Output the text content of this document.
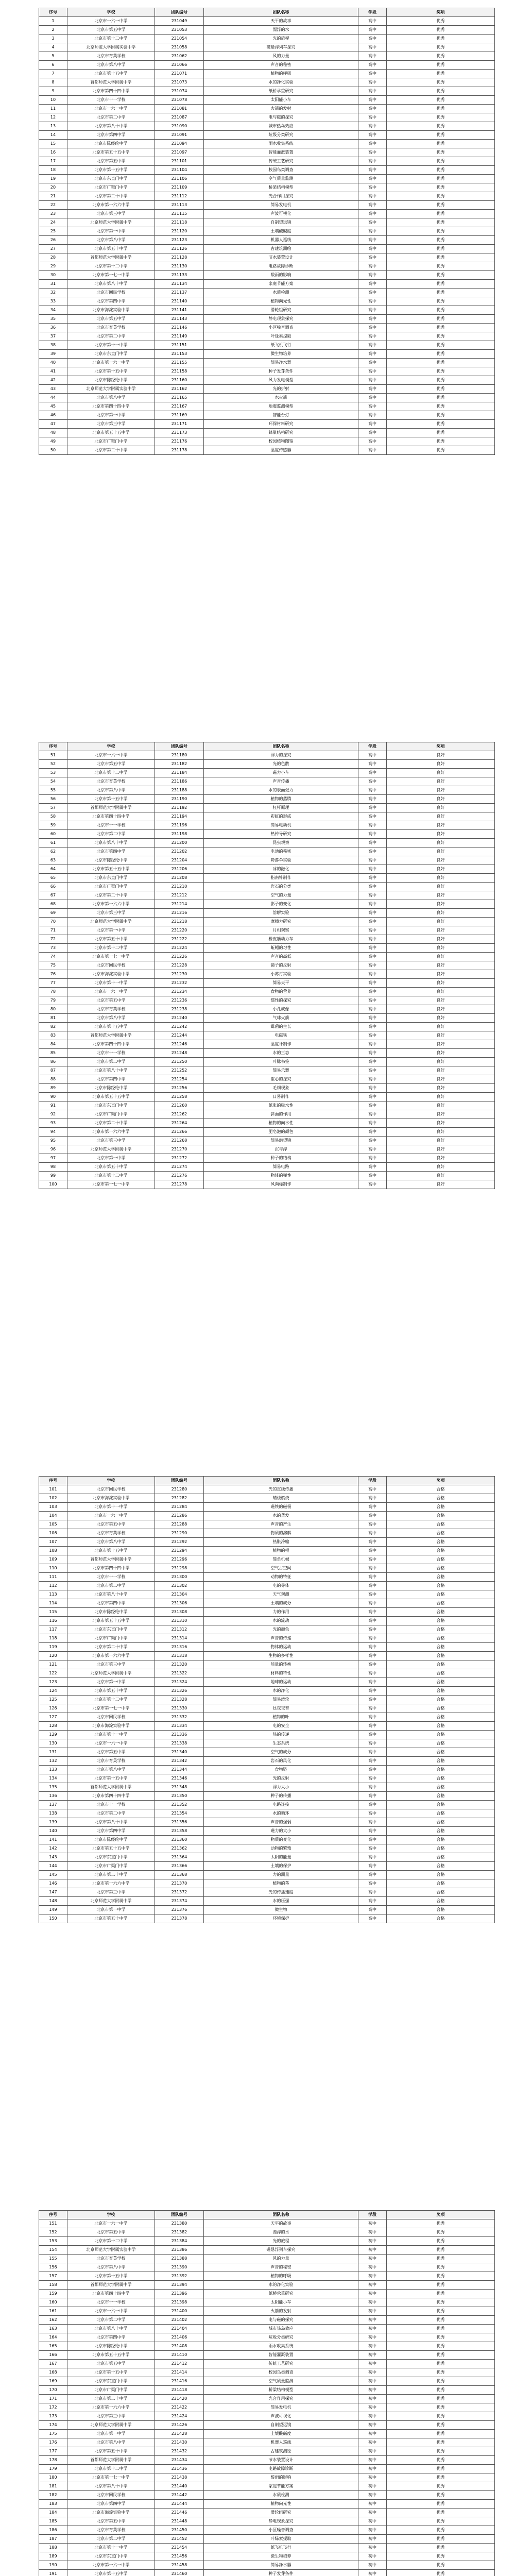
序号	学校	团队编号	团队名称	学段	奖项
1	北京市一六一中学	231049	天平的故事	高中	优秀
2	北京市第五中学	231053	漂浮的水	高中	优秀
3	北京市第十二中学	231054	光的旅程	高中	优秀
4	北京师范大学附属实验中学	231058	磁悬浮列车探究	高中	优秀
5	北京市育英学校	231062	风的力量	高中	优秀
6	北京市第八中学	231066	声音的秘密	高中	优秀
7	北京市第十五中学	231071	植物的呼吸	高中	优秀
8	首都师范大学附属中学	231073	水的净化实验	高中	优秀
9	北京市第四十四中学	231074	纸桥承重研究	高中	优秀
10	北京市十一学校	231078	太阳能小车	高中	优秀
11	北京市一六一中学	231081	火箭的发射	高中	优秀
12	北京市第二中学	231087	电与磁的探究	高中	优秀
13	北京市第八十中学	231090	城市热岛效应	高中	优秀
14	北京市第四中学	231091	垃圾分类研究	高中	优秀
15	北京市陈经纶中学	231094	雨水收集系统	高中	优秀
16	北京市第五十五中学	231097	智能灌溉装置	高中	优秀
17	北京市第五中学	231101	传统工艺研究	高中	优秀
18	北京市第十五中学	231104	校园鸟类调查	高中	优秀
19	北京市东直门中学	231106	空气质量监测	高中	优秀
20	北京市广渠门中学	231109	桥梁结构模型	高中	优秀
21	北京市第二十中学	231112	光合作用探究	高中	优秀
22	北京市第一六六中学	231113	简易发电机	高中	优秀
23	北京市第三中学	231115	声波可视化	高中	优秀
24	北京师范大学附属中学	231118	自制望远镜	高中	优秀
25	北京市第一中学	231120	土壤酸碱度	高中	优秀
26	北京市第八中学	231123	机器人巡线	高中	优秀
27	北京市第五十中学	231126	古建筑测绘	高中	优秀
28	首都师范大学附属中学	231128	节水装置设计	高中	优秀
29	北京市第十二中学	231130	电路故障诊断	高中	优秀
30	北京市第一七一中学	231133	酸雨的影响	高中	优秀
31	北京市第八十中学	231134	家庭节能方案	高中	优秀
32	北京市回民学校	231137	水质检测	高中	优秀
33	北京市第四中学	231140	植物向光性	高中	优秀
34	北京市海淀实验中学	231141	滑轮组研究	高中	优秀
35	北京市第五中学	231143	静电现象探究	高中	优秀
36	北京市育英学校	231146	小区噪音调查	高中	优秀
37	北京市第二中学	231149	叶绿素提取	高中	优秀
38	北京市第十一中学	231151	纸飞机飞行	高中	优秀
39	北京市东直门中学	231153	微生物培养	高中	优秀
40	北京市第一六一中学	231155	简易净水器	高中	优秀
41	北京市第十五中学	231158	种子发芽条件	高中	优秀
42	北京市陈经纶中学	231160	风力发电模型	高中	优秀
43	北京师范大学附属实验中学	231162	光的折射	高中	优秀
44	北京市第八中学	231165	水火箭	高中	优秀
45	北京市第四十四中学	231167	地震监测模型	高中	优秀
46	北京市第一中学	231169	智能台灯	高中	优秀
47	北京市第三中学	231171	环保材料研究	高中	优秀
48	北京市第五十五中学	231173	蜂巢结构研究	高中	优秀
49	北京市广渠门中学	231176	校园植物图鉴	高中	优秀
50	北京市第二十中学	231178	温度传感器	高中	优秀
序号	学校	团队编号	团队名称	学段	奖项
51	北京市一六一中学	231180	浮力的探究	高中	良好
52	北京市第五中学	231182	光的色散	高中	良好
53	北京市第十二中学	231184	磁力小车	高中	良好
54	北京市育英学校	231186	声音传播	高中	良好
55	北京市第八中学	231188	水的表面张力	高中	良好
56	北京市第十五中学	231190	植物的蒸腾	高中	良好
57	首都师范大学附属中学	231192	杠杆原理	高中	良好
58	北京市第四十四中学	231194	彩虹的形成	高中	良好
59	北京市十一学校	231196	简易电动机	高中	良好
60	北京市第二中学	231198	热传导研究	高中	良好
61	北京市第八十中学	231200	昆虫观察	高中	良好
62	北京市第四中学	231202	电池的秘密	高中	良好
63	北京市陈经纶中学	231204	降落伞实验	高中	良好
64	北京市第五十五中学	231206	冰的融化	高中	良好
65	北京市东直门中学	231208	指南针制作	高中	良好
66	北京市广渠门中学	231210	岩石的分类	高中	良好
67	北京市第二十中学	231212	空气的力量	高中	良好
68	北京市第一六六中学	231214	影子的变化	高中	良好
69	北京市第三中学	231216	溶解实验	高中	良好
70	北京师范大学附属中学	231218	摩擦力研究	高中	良好
71	北京市第一中学	231220	月相观察	高中	良好
72	北京市第五十中学	231222	橡皮筋动力车	高中	良好
73	北京市第十二中学	231224	蚯蚓的习性	高中	良好
74	北京市第一七一中学	231226	声音的高低	高中	良好
75	北京市回民学校	231228	镜子的反射	高中	良好
76	北京市海淀实验中学	231230	小苏打实验	高中	良好
77	北京市第十一中学	231232	简易天平	高中	良好
78	北京市一六一中学	231234	食物的营养	高中	良好
79	北京市第五中学	231236	惯性的探究	高中	良好
80	北京市育英学校	231238	小孔成像	高中	良好
81	北京市第八中学	231240	气球火箭	高中	良好
82	北京市第十五中学	231242	霉菌的生长	高中	良好
83	首都师范大学附属中学	231244	电磁铁	高中	良好
84	北京市第四十四中学	231246	温度计制作	高中	良好
85	北京市十一学校	231248	水的三态	高中	良好
86	北京市第二中学	231250	叶脉书签	高中	良好
87	北京市第八十中学	231252	简易乐器	高中	良好
88	北京市第四中学	231254	重心的探究	高中	良好
89	北京市陈经纶中学	231256	毛细现象	高中	良好
90	北京市第五十五中学	231258	日晷制作	高中	良好
91	北京市东直门中学	231260	纸张的吸水性	高中	良好
92	北京市广渠门中学	231262	斜面的作用	高中	良好
93	北京市第二十中学	231264	植物的向水性	高中	良好
94	北京市第一六六中学	231266	肥皂泡的颜色	高中	良好
95	北京市第三中学	231268	简易潜望镜	高中	良好
96	北京师范大学附属中学	231270	沉与浮	高中	良好
97	北京市第一中学	231272	种子的结构	高中	良好
98	北京市第五十中学	231274	简易电路	高中	良好
99	北京市第十二中学	231276	物体的弹性	高中	良好
100	北京市第一七一中学	231278	风向标制作	高中	良好
序号	学校	团队编号	团队名称	学段	奖项
101	北京市回民学校	231280	光的直线传播	高中	合格
102	北京市海淀实验中学	231282	蜡烛燃烧	高中	合格
103	北京市第十一中学	231284	磁铁的磁极	高中	合格
104	北京市一六一中学	231286	水的蒸发	高中	合格
105	北京市第五中学	231288	声音的产生	高中	合格
106	北京市育英学校	231290	物质的溶解	高中	合格
107	北京市第八中学	231292	热胀冷缩	高中	合格
108	北京市第十五中学	231294	植物的根	高中	合格
109	首都师范大学附属中学	231296	简单机械	高中	合格
110	北京市第四十四中学	231298	空气占空间	高中	合格
111	北京市十一学校	231300	动物的特征	高中	合格
112	北京市第二中学	231302	电的导体	高中	合格
113	北京市第八十中学	231304	天气观测	高中	合格
114	北京市第四中学	231306	土壤的成分	高中	合格
115	北京市陈经纶中学	231308	力的作用	高中	合格
116	北京市第五十五中学	231310	水的流动	高中	合格
117	北京市东直门中学	231312	光的颜色	高中	合格
118	北京市广渠门中学	231314	声音的传递	高中	合格
119	北京市第二十中学	231316	物体的运动	高中	合格
120	北京市第一六六中学	231318	生物的多样性	高中	合格
121	北京市第三中学	231320	能量的转换	高中	合格
122	北京师范大学附属中学	231322	材料的特性	高中	合格
123	北京市第一中学	231324	地球的运动	高中	合格
124	北京市第五十中学	231326	水的净化	高中	合格
125	北京市第十二中学	231328	简易滑轮	高中	合格
126	北京市第一七一中学	231330	昼夜交替	高中	合格
127	北京市回民学校	231332	植物的叶	高中	合格
128	北京市海淀实验中学	231334	电的安全	高中	合格
129	北京市第十一中学	231336	热的传递	高中	合格
130	北京市一六一中学	231338	生态系统	高中	合格
131	北京市第五中学	231340	空气的成分	高中	合格
132	北京市育英学校	231342	岩石的风化	高中	合格
133	北京市第八中学	231344	食物链	高中	合格
134	北京市第十五中学	231346	光的反射	高中	合格
135	首都师范大学附属中学	231348	浮力大小	高中	合格
136	北京市第四十四中学	231350	种子的传播	高中	合格
137	北京市十一学校	231352	电路连接	高中	合格
138	北京市第二中学	231354	水的循环	高中	合格
139	北京市第八十中学	231356	声音的强弱	高中	合格
140	北京市第四中学	231358	磁力的大小	高中	合格
141	北京市陈经纶中学	231360	物质的变化	高中	合格
142	北京市第五十五中学	231362	动物的繁殖	高中	合格
143	北京市东直门中学	231364	太阳的能量	高中	合格
144	北京市广渠门中学	231366	土壤的保护	高中	合格
145	北京市第二十中学	231368	力的测量	高中	合格
146	北京市第一六六中学	231370	植物的茎	高中	合格
147	北京市第三中学	231372	光的传播速度	高中	合格
148	北京师范大学附属中学	231374	水的压强	高中	合格
149	北京市第一中学	231376	微生物	高中	合格
150	北京市第五十中学	231378	环境保护	高中	合格
序号	学校	团队编号	团队名称	学段	奖项
151	北京市一六一中学	231380	天平的故事	初中	优秀
152	北京市第五中学	231382	漂浮的水	初中	优秀
153	北京市第十二中学	231384	光的旅程	初中	优秀
154	北京师范大学附属实验中学	231386	磁悬浮列车探究	初中	优秀
155	北京市育英学校	231388	风的力量	初中	优秀
156	北京市第八中学	231390	声音的秘密	初中	优秀
157	北京市第十五中学	231392	植物的呼吸	初中	优秀
158	首都师范大学附属中学	231394	水的净化实验	初中	优秀
159	北京市第四十四中学	231396	纸桥承重研究	初中	优秀
160	北京市十一学校	231398	太阳能小车	初中	优秀
161	北京市一六一中学	231400	火箭的发射	初中	优秀
162	北京市第二中学	231402	电与磁的探究	初中	优秀
163	北京市第八十中学	231404	城市热岛效应	初中	优秀
164	北京市第四中学	231406	垃圾分类研究	初中	优秀
165	北京市陈经纶中学	231408	雨水收集系统	初中	优秀
166	北京市第五十五中学	231410	智能灌溉装置	初中	优秀
167	北京市第五中学	231412	传统工艺研究	初中	优秀
168	北京市第十五中学	231414	校园鸟类调查	初中	优秀
169	北京市东直门中学	231416	空气质量监测	初中	优秀
170	北京市广渠门中学	231418	桥梁结构模型	初中	优秀
171	北京市第二十中学	231420	光合作用探究	初中	优秀
172	北京市第一六六中学	231422	简易发电机	初中	优秀
173	北京市第三中学	231424	声波可视化	初中	优秀
174	北京师范大学附属中学	231426	自制望远镜	初中	优秀
175	北京市第一中学	231428	土壤酸碱度	初中	优秀
176	北京市第八中学	231430	机器人巡线	初中	优秀
177	北京市第五十中学	231432	古建筑测绘	初中	优秀
178	首都师范大学附属中学	231434	节水装置设计	初中	优秀
179	北京市第十二中学	231436	电路故障诊断	初中	优秀
180	北京市第一七一中学	231438	酸雨的影响	初中	优秀
181	北京市第八十中学	231440	家庭节能方案	初中	优秀
182	北京市回民学校	231442	水质检测	初中	优秀
183	北京市第四中学	231444	植物向光性	初中	优秀
184	北京市海淀实验中学	231446	滑轮组研究	初中	优秀
185	北京市第五中学	231448	静电现象探究	初中	优秀
186	北京市育英学校	231450	小区噪音调查	初中	优秀
187	北京市第二中学	231452	叶绿素提取	初中	优秀
188	北京市第十一中学	231454	纸飞机飞行	初中	优秀
189	北京市东直门中学	231456	微生物培养	初中	优秀
190	北京市第一六一中学	231458	简易净水器	初中	优秀
191	北京市第十五中学	231460	种子发芽条件	初中	优秀
